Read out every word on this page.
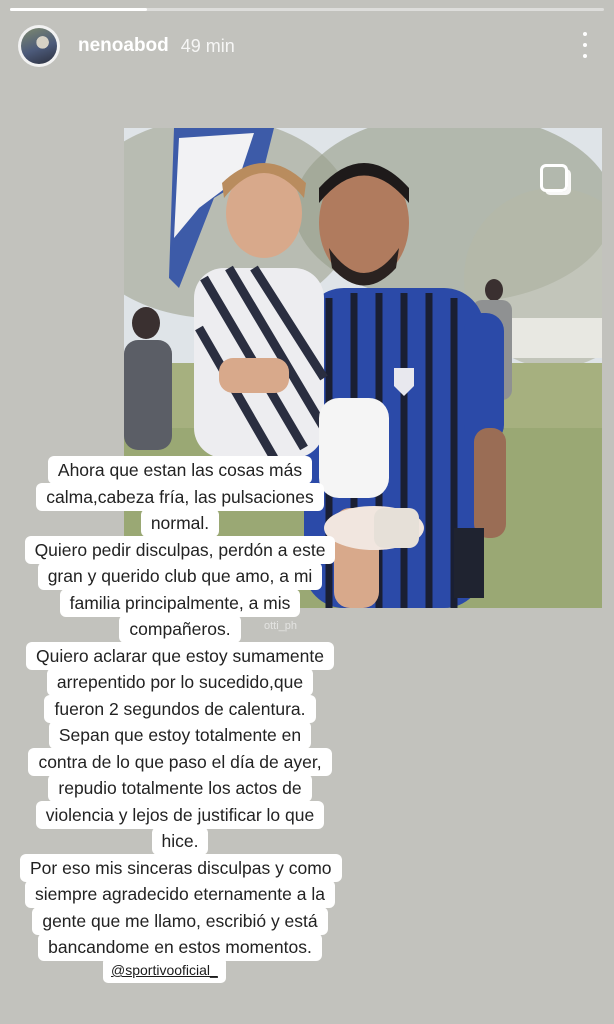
nenoabod 49 min
otti_ph
Ahora que estan las cosas más
calma,cabeza fría, las pulsaciones
normal.
Quiero pedir disculpas, perdón a este
gran y querido club que amo, a mi
familia principalmente, a mis
compañeros.
Quiero aclarar que estoy sumamente
arrepentido por lo sucedido,que
fueron 2 segundos de calentura.
Sepan que estoy totalmente en
contra de lo que paso el día de ayer,
repudio totalmente los actos de
violencia y lejos de justificar lo que
hice.
Por eso mis sinceras disculpas y como
siempre agradecido eternamente a la
gente que me llamo, escribió y está
bancandome en estos momentos.
@sportivooficial_
